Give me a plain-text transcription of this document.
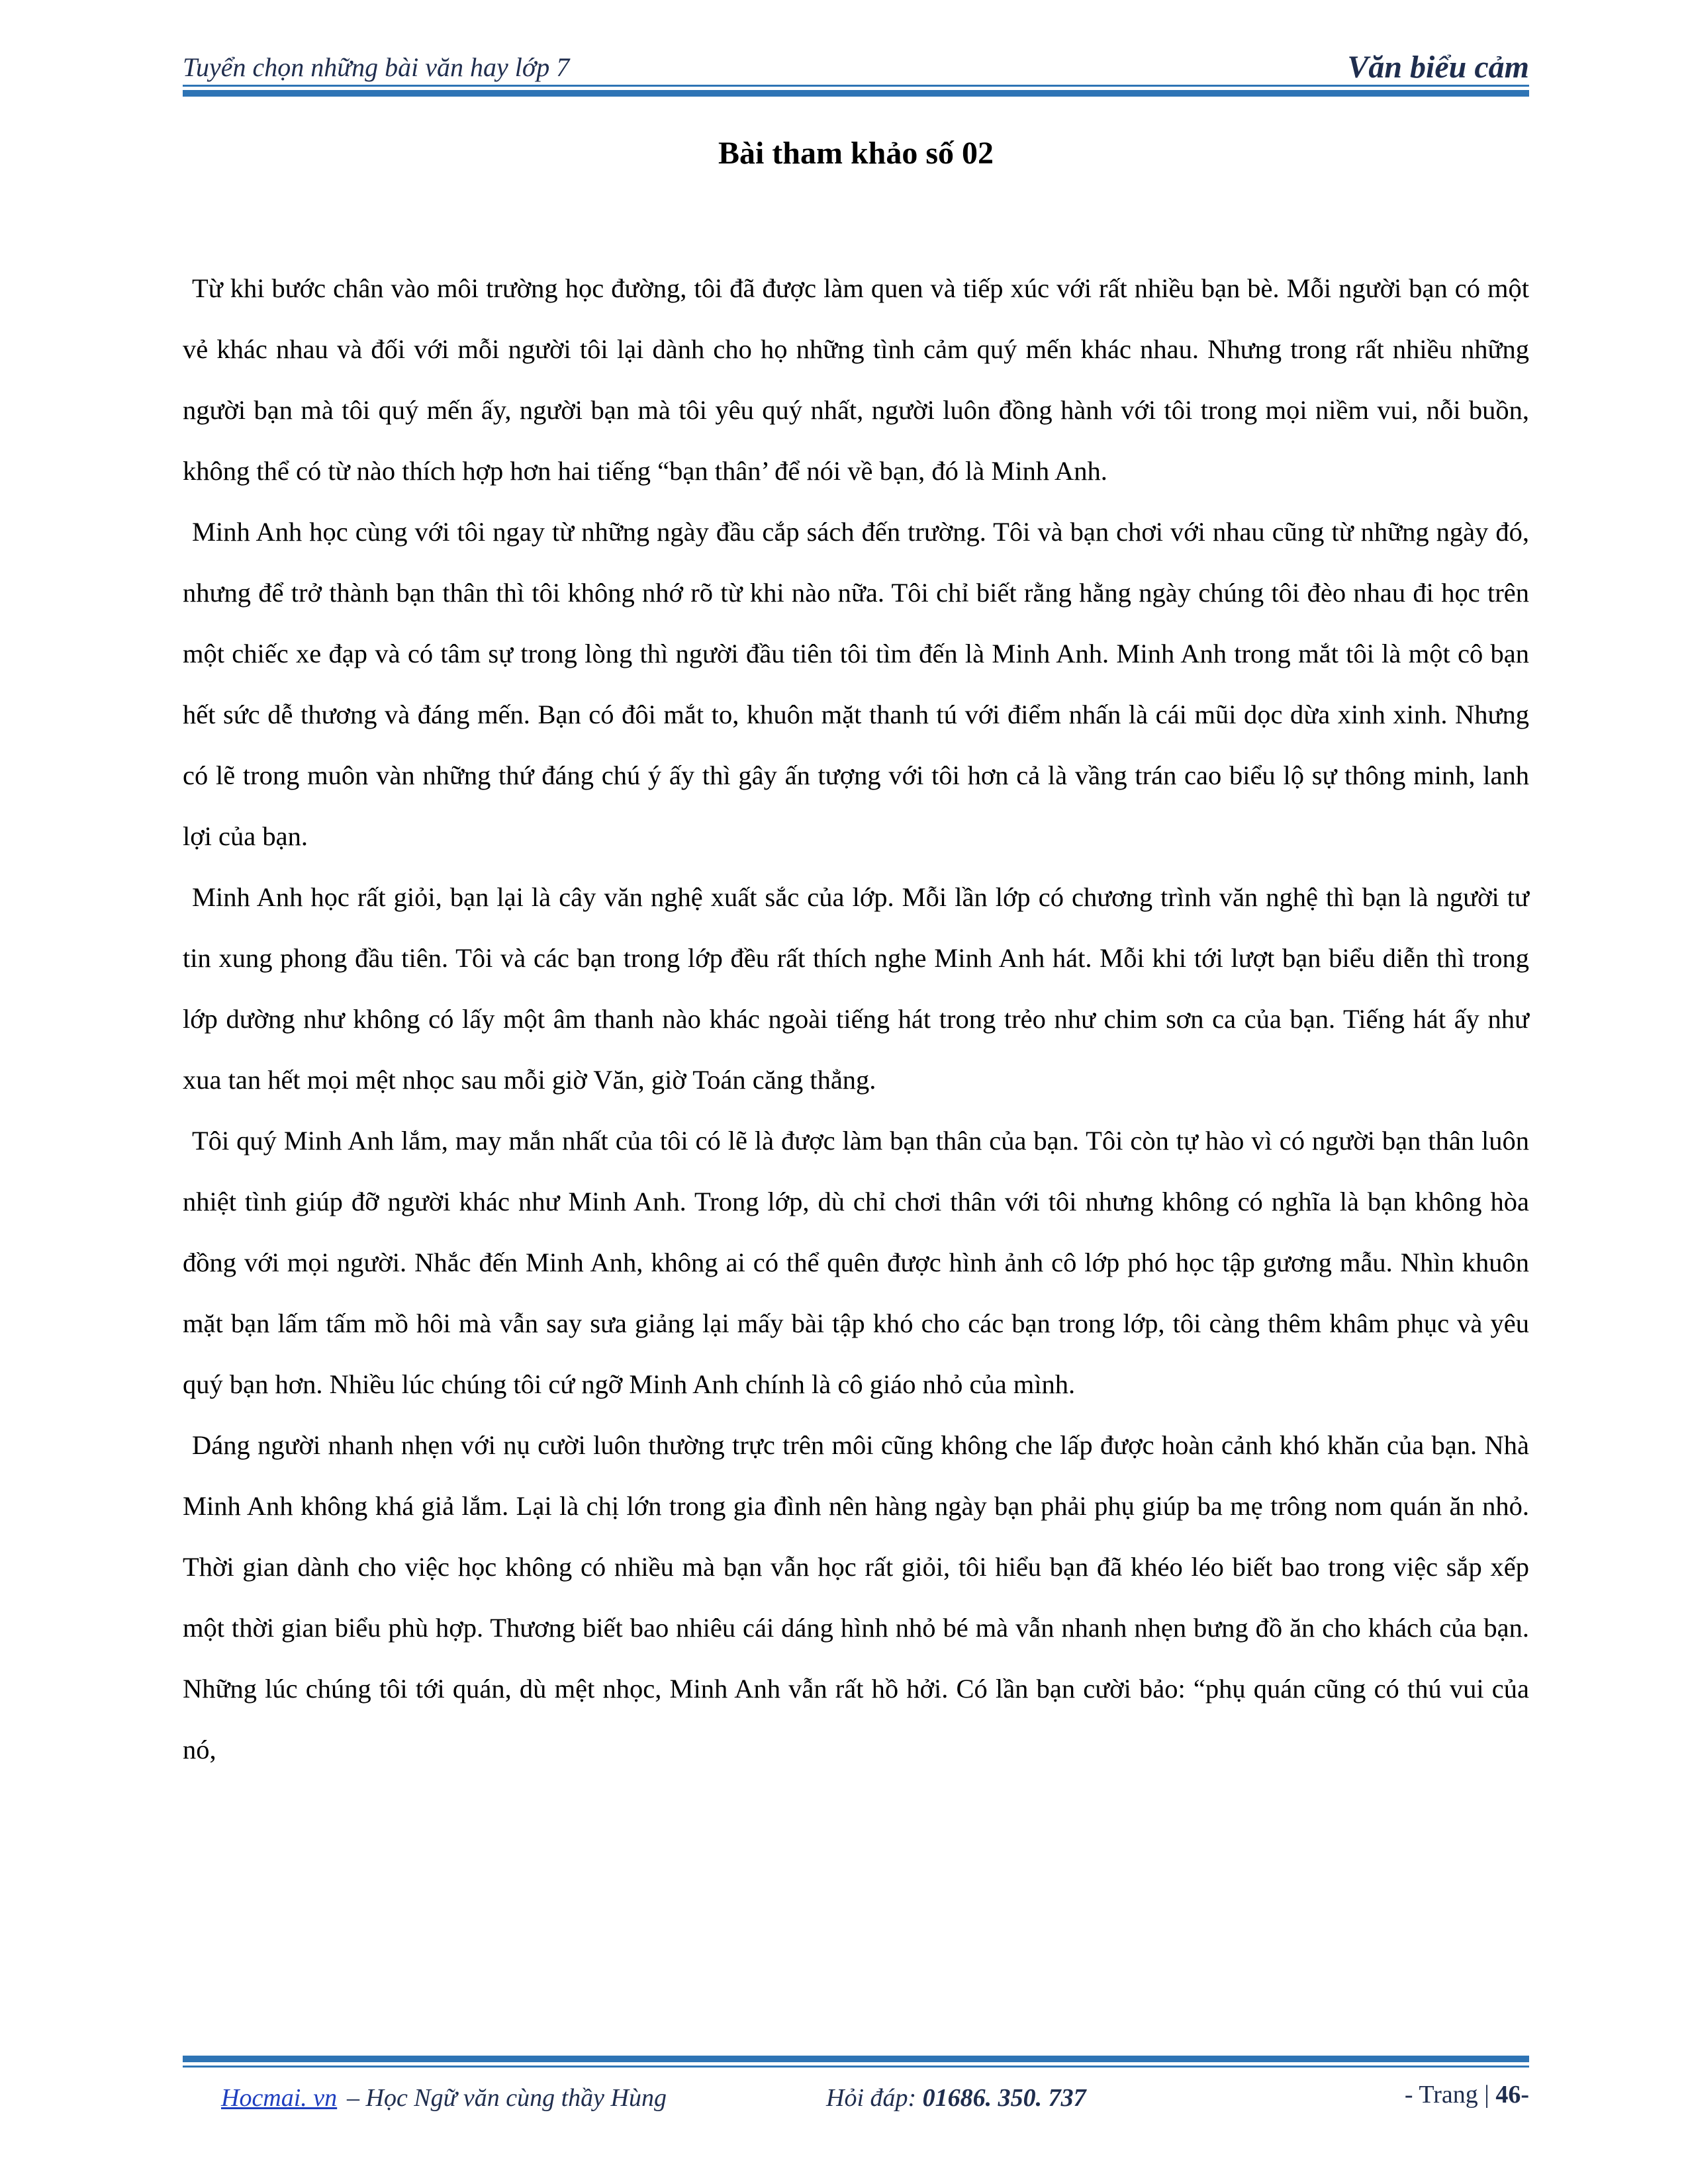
Tuyển chọn những bài văn hay lớp 7	Văn biểu cảm
Bài tham khảo số 02

Từ khi bước chân vào môi trường học đường, tôi đã được làm quen và tiếp xúc với rất nhiều bạn bè. Mỗi người bạn có một vẻ khác nhau và đối với mỗi người tôi lại dành cho họ những tình cảm quý mến khác nhau. Nhưng trong rất nhiều những người bạn mà tôi quý mến ấy, người bạn mà tôi yêu quý nhất, người luôn đồng hành với tôi trong mọi niềm vui, nỗi buồn, không thể có từ nào thích hợp hơn hai tiếng “bạn thân’ để nói về bạn, đó là Minh Anh.

Minh Anh học cùng với tôi ngay từ những ngày đầu cắp sách đến trường. Tôi và bạn chơi với nhau cũng từ những ngày đó, nhưng để trở thành bạn thân thì tôi không nhớ rõ từ khi nào nữa. Tôi chỉ biết rằng hằng ngày chúng tôi đèo nhau đi học trên một chiếc xe đạp và có tâm sự trong lòng thì người đầu tiên tôi tìm đến là Minh Anh. Minh Anh trong mắt tôi là một cô bạn hết sức dễ thương và đáng mến. Bạn có đôi mắt to, khuôn mặt thanh tú với điểm nhấn là cái mũi dọc dừa xinh xinh. Nhưng có lẽ trong muôn vàn những thứ đáng chú ý ấy thì gây ấn tượng với tôi hơn cả là vầng trán cao biểu lộ sự thông minh, lanh lợi của bạn.

Minh Anh học rất giỏi, bạn lại là cây văn nghệ xuất sắc của lớp. Mỗi lần lớp có chương trình văn nghệ thì bạn là người tư tin xung phong đầu tiên. Tôi và các bạn trong lớp đều rất thích nghe Minh Anh hát. Mỗi khi tới lượt bạn biểu diễn thì trong lớp dường như không có lấy một âm thanh nào khác ngoài tiếng hát trong trẻo như chim sơn ca của bạn. Tiếng hát ấy như xua tan hết mọi mệt nhọc sau mỗi giờ Văn, giờ Toán căng thẳng.

Tôi quý Minh Anh lắm, may mắn nhất của tôi có lẽ là được làm bạn thân của bạn. Tôi còn tự hào vì có người bạn thân luôn nhiệt tình giúp đỡ người khác như Minh Anh. Trong lớp, dù chỉ chơi thân với tôi nhưng không có nghĩa là bạn không hòa đồng với mọi người. Nhắc đến Minh Anh, không ai có thể quên được hình ảnh cô lớp phó học tập gương mẫu. Nhìn khuôn mặt bạn lấm tấm mồ hôi mà vẫn say sưa giảng lại mấy bài tập khó cho các bạn trong lớp, tôi càng thêm khâm phục và yêu quý bạn hơn. Nhiều lúc chúng tôi cứ ngỡ Minh Anh chính là cô giáo nhỏ của mình.

Dáng người nhanh nhẹn với nụ cười luôn thường trực trên môi cũng không che lấp được hoàn cảnh khó khăn của bạn. Nhà Minh Anh không khá giả lắm. Lại là chị lớn trong gia đình nên hàng ngày bạn phải phụ giúp ba mẹ trông nom quán ăn nhỏ. Thời gian dành cho việc học không có nhiều mà bạn vẫn học rất giỏi, tôi hiểu bạn đã khéo léo biết bao trong việc sắp xếp một thời gian biểu phù hợp. Thương biết bao nhiêu cái dáng hình nhỏ bé mà vẫn nhanh nhẹn bưng đồ ăn cho khách của bạn. Những lúc chúng tôi tới quán, dù mệt nhọc, Minh Anh vẫn rất hồ hởi. Có lần bạn cười bảo: “phụ quán cũng có thú vui của nó,

Hocmai. vn – Học Ngữ văn cùng thầy Hùng	Hỏi đáp: 01686. 350. 737	- Trang | 46-
